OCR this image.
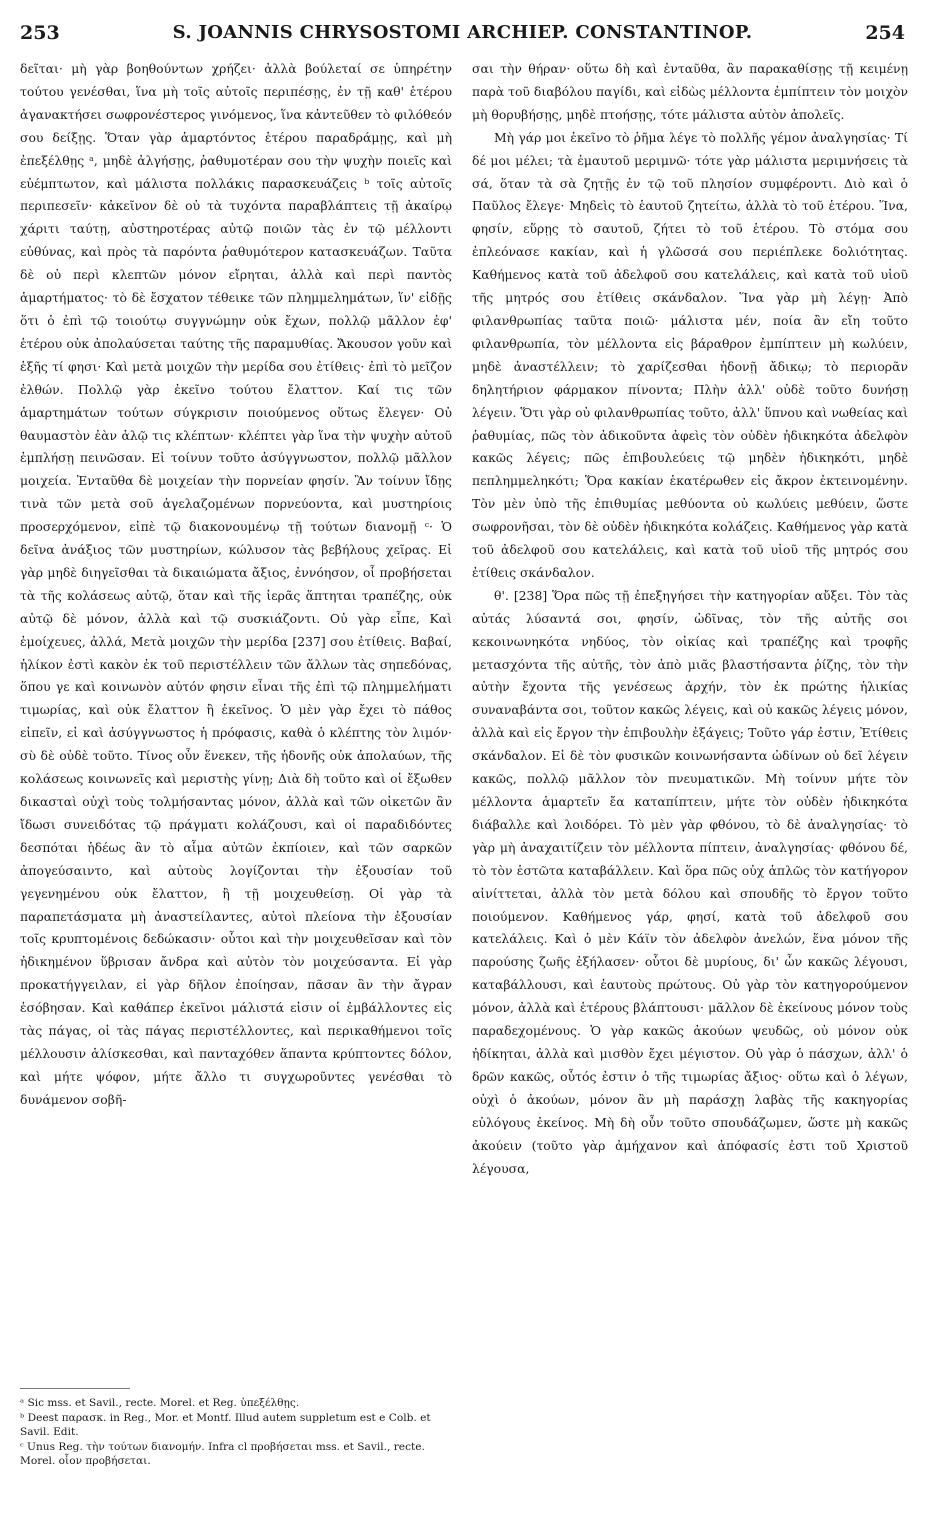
253	S. JOANNIS CHRYSOSTOMI ARCHIEP. CONSTANTINOP.	254

δεῖται· μὴ γὰρ βοηθούντων χρήζει· ἀλλὰ βούλεταί σε ὑπηρέτην τούτου γενέσθαι, ἵνα μὴ τοῖς αὐτοῖς περιπέσῃς, ἐν τῇ καθ' ἑτέρου ἀγανακτήσει σωφρονέστερος γινόμενος, ἵνα κἀντεῦθεν τὸ φιλόθεόν σου δείξῃς. Ὅταν γὰρ ἁμαρτόντος ἑτέρου παραδράμῃς, καὶ μὴ ἐπεξέλθῃς ᵃ, μηδὲ ἀλγήσῃς, ῥαθυμοτέραν σου τὴν ψυχὴν ποιεῖς καὶ εὐέμπτωτον, καὶ μάλιστα πολλάκις παρασκευάζεις ᵇ τοῖς αὐτοῖς περιπεσεῖν· κἀκεῖνον δὲ οὐ τὰ τυχόντα παραβλάπτεις τῇ ἀκαίρῳ χάριτι ταύτῃ, αὐστηροτέρας αὐτῷ ποιῶν τὰς ἐν τῷ μέλλοντι εὐθύνας, καὶ πρὸς τὰ παρόντα ῥαθυμότερον κατασκευάζων. Ταῦτα δὲ οὐ περὶ κλεπτῶν μόνον εἴρηται, ἀλλὰ καὶ περὶ παντὸς ἁμαρτήματος· τὸ δὲ ἔσχατον τέθεικε τῶν πλημμελημάτων, ἵν' εἰδῇς ὅτι ὁ ἐπὶ τῷ τοιούτῳ συγγνώμην οὐκ ἔχων, πολλῷ μᾶλλον ἐφ' ἑτέρου οὐκ ἀπολαύσεται ταύτης τῆς παραμυθίας. Ἄκουσον γοῦν καὶ ἑξῆς τί φησι· Καὶ μετὰ μοιχῶν τὴν μερίδα σου ἐτίθεις· ἐπὶ τὸ μεῖζον ἐλθών. Πολλῷ γὰρ ἐκεῖνο τούτου ἔλαττον. Καί τις τῶν ἁμαρτημάτων τούτων σύγκρισιν ποιούμενος οὕτως ἔλεγεν· Οὐ θαυμαστὸν ἐὰν ἁλῷ τις κλέπτων· κλέπτει γὰρ ἵνα τὴν ψυχὴν αὐτοῦ ἐμπλήσῃ πεινῶσαν. Εἰ τοίνυν τοῦτο ἀσύγγνωστον, πολλῷ μᾶλλον μοιχεία. Ἐνταῦθα δὲ μοιχείαν τὴν πορνείαν φησίν. Ἂν τοίνυν ἴδῃς τινὰ τῶν μετὰ σοῦ ἀγελαζομένων πορνεύοντα, καὶ μυστηρίοις προσερχόμενον, εἰπὲ τῷ διακονουμένῳ τῇ τούτων διανομῇ ᶜ· Ὁ δεῖνα ἀνάξιος τῶν μυστηρίων, κώλυσον τὰς βεβήλους χεῖρας. Εἰ γὰρ μηδὲ διηγεῖσθαι τὰ δικαιώματα ἄξιος, ἐννόησον, οἷ προβήσεται τὰ τῆς κολάσεως αὐτῷ, ὅταν καὶ τῆς ἱερᾶς ἅπτηται τραπέζης, οὐκ αὐτῷ δὲ μόνον, ἀλλὰ καὶ τῷ συσκιάζοντι. Οὐ γὰρ εἶπε, Καὶ ἐμοίχευες, ἀλλά, Μετὰ μοιχῶν τὴν μερίδα [237] σου ἐτίθεις. Βαβαί, ἡλίκον ἐστὶ κακὸν ἐκ τοῦ περιστέλλειν τῶν ἄλλων τὰς σηπεδόνας, ὅπου γε καὶ κοινωνὸν αὐτόν φησιν εἶναι τῆς ἐπὶ τῷ πλημμελήματι τιμωρίας, καὶ οὐκ ἔλαττον ἢ ἐκεῖνος. Ὁ μὲν γὰρ ἔχει τὸ πάθος εἰπεῖν, εἰ καὶ ἀσύγγνωστος ἡ πρόφασις, καθὰ ὁ κλέπτης τὸν λιμόν· σὺ δὲ οὐδὲ τοῦτο. Τίνος οὖν ἕνεκεν, τῆς ἡδονῆς οὐκ ἀπολαύων, τῆς κολάσεως κοινωνεῖς καὶ μεριστὴς γίνῃ; Διὰ δὴ τοῦτο καὶ οἱ ἔξωθεν δικασταὶ οὐχὶ τοὺς τολμήσαντας μόνον, ἀλλὰ καὶ τῶν οἰκετῶν ἂν ἴδωσι συνειδότας τῷ πράγματι κολάζουσι, καὶ οἱ παραδιδόντες δεσπόται ἡδέως ἂν τὸ αἷμα αὐτῶν ἐκπίοιεν, καὶ τῶν σαρκῶν ἀπογεύσαιντο, καὶ αὐτοὺς λογίζονται τὴν ἐξουσίαν τοῦ γεγενημένου οὐκ ἔλαττον, ἢ τῇ μοιχευθείσῃ. Οἱ γὰρ τὰ παραπετάσματα μὴ ἀναστείλαντες, αὐτοὶ πλείονα τὴν ἐξουσίαν τοῖς κρυπτομένοις δεδώκασιν· οὗτοι καὶ τὴν μοιχευθεῖσαν καὶ τὸν ἠδικημένον ὕβρισαν ἄνδρα καὶ αὐτὸν τὸν μοιχεύσαντα. Εἰ γὰρ προκατήγγειλαν, εἰ γὰρ δῆλον ἐποίησαν, πᾶσαν ἂν τὴν ἄγραν ἐσόβησαν. Καὶ καθάπερ ἐκεῖνοι μάλιστά εἰσιν οἱ ἐμβάλλοντες εἰς τὰς πάγας, οἱ τὰς πάγας περιστέλλοντες, καὶ περικαθήμενοι τοῖς μέλλουσιν ἁλίσκεσθαι, καὶ πανταχόθεν ἅπαντα κρύπτοντες δόλον, καὶ μήτε ψόφον, μήτε ἄλλο τι συγχωροῦντες γενέσθαι τὸ δυνάμενον σοβῆ-

σαι τὴν θήραν· οὕτω δὴ καὶ ἐνταῦθα, ἂν παρακαθίσῃς τῇ κειμένῃ παρὰ τοῦ διαβόλου παγίδι, καὶ εἰδὼς μέλλοντα ἐμπίπτειν τὸν μοιχὸν μὴ θορυβήσῃς, μηδὲ πτοήσῃς, τότε μάλιστα αὐτὸν ἀπολεῖς.

Μὴ γάρ μοι ἐκεῖνο τὸ ῥῆμα λέγε τὸ πολλῆς γέμον ἀναλγησίας· Τί δέ μοι μέλει; τὰ ἐμαυτοῦ μεριμνῶ· τότε γὰρ μάλιστα μεριμνήσεις τὰ σά, ὅταν τὰ σὰ ζητῇς ἐν τῷ τοῦ πλησίον συμφέροντι. Διὸ καὶ ὁ Παῦλος ἔλεγε· Μηδεὶς τὸ ἑαυτοῦ ζητείτω, ἀλλὰ τὸ τοῦ ἑτέρου. Ἵνα, φησίν, εὕρῃς τὸ σαυτοῦ, ζήτει τὸ τοῦ ἑτέρου. Τὸ στόμα σου ἐπλεόνασε κακίαν, καὶ ἡ γλῶσσά σου περιέπλεκε δολιότητας. Καθήμενος κατὰ τοῦ ἀδελφοῦ σου κατελάλεις, καὶ κατὰ τοῦ υἱοῦ τῆς μητρός σου ἐτίθεις σκάνδαλον. Ἵνα γὰρ μὴ λέγῃ· Ἀπὸ φιλανθρωπίας ταῦτα ποιῶ· μάλιστα μέν, ποία ἂν εἴη τοῦτο φιλανθρωπία, τὸν μέλλοντα εἰς βάραθρον ἐμπίπτειν μὴ κωλύειν, μηδὲ ἀναστέλλειν; τὸ χαρίζεσθαι ἡδονῇ ἄδικῳ; τὸ περιορᾶν δηλητήριον φάρμακον πίνοντα; Πλὴν ἀλλ' οὐδὲ τοῦτο δυνήσῃ λέγειν. Ὅτι γὰρ οὐ φιλανθρωπίας τοῦτο, ἀλλ' ὕπνου καὶ νωθείας καὶ ῥαθυμίας, πῶς τὸν ἀδικοῦντα ἀφεὶς τὸν οὐδὲν ἠδικηκότα ἀδελφὸν κακῶς λέγεις; πῶς ἐπιβουλεύεις τῷ μηδὲν ἠδικηκότι, μηδὲ πεπλημμεληκότι; Ὅρα κακίαν ἑκατέρωθεν εἰς ἄκρον ἐκτεινομένην. Τὸν μὲν ὑπὸ τῆς ἐπιθυμίας μεθύοντα οὐ κωλύεις μεθύειν, ὥστε σωφρονῆσαι, τὸν δὲ οὐδὲν ἠδικηκότα κολάζεις. Καθήμενος γὰρ κατὰ τοῦ ἀδελφοῦ σου κατελάλεις, καὶ κατὰ τοῦ υἱοῦ τῆς μητρός σου ἐτίθεις σκάνδαλον.

θ'. [238] Ὅρα πῶς τῇ ἐπεξηγήσει τὴν κατηγορίαν αὔξει. Τὸν τὰς αὐτάς λύσαντά σοι, φησίν, ὠδῖνας, τὸν τῆς αὐτῆς σοι κεκοινωνηκότα νηδύος, τὸν οἰκίας καὶ τραπέζης καὶ τροφῆς μετασχόντα τῆς αὐτῆς, τὸν ἀπὸ μιᾶς βλαστήσαντα ῥίζης, τὸν τὴν αὐτὴν ἔχοντα τῆς γενέσεως ἀρχήν, τὸν ἐκ πρώτης ἡλικίας συναναβάντα σοι, τοῦτον κακῶς λέγεις, καὶ οὐ κακῶς λέγεις μόνον, ἀλλὰ καὶ εἰς ἔργον τὴν ἐπιβουλὴν ἐξάγεις; Τοῦτο γάρ ἐστιν, Ἐτίθεις σκάνδαλον. Εἰ δὲ τὸν φυσικῶν κοινωνήσαντα ὠδίνων οὐ δεῖ λέγειν κακῶς, πολλῷ μᾶλλον τὸν πνευματικῶν. Μὴ τοίνυν μήτε τὸν μέλλοντα ἁμαρτεῖν ἔα καταπίπτειν, μήτε τὸν οὐδὲν ἠδικηκότα διάβαλλε καὶ λοιδόρει. Τὸ μὲν γὰρ φθόνου, τὸ δὲ ἀναλγησίας· τὸ γὰρ μὴ ἀναχαιτίζειν τὸν μέλλοντα πίπτειν, ἀναλγησίας· φθόνου δέ, τὸ τὸν ἑστῶτα καταβάλλειν. Καὶ ὅρα πῶς οὐχ ἁπλῶς τὸν κατήγορον αἰνίττεται, ἀλλὰ τὸν μετὰ δόλου καὶ σπουδῆς τὸ ἔργον τοῦτο ποιούμενον. Καθήμενος γάρ, φησί, κατὰ τοῦ ἀδελφοῦ σου κατελάλεις. Καὶ ὁ μὲν Κάϊν τὸν ἀδελφὸν ἀνελών, ἕνα μόνον τῆς παρούσης ζωῆς ἐξήλασεν· οὗτοι δὲ μυρίους, δι' ὧν κακῶς λέγουσι, καταβάλλουσι, καὶ ἑαυτοὺς πρώτους. Οὐ γὰρ τὸν κατηγορούμενον μόνον, ἀλλὰ καὶ ἑτέρους βλάπτουσι· μᾶλλον δὲ ἐκείνους μόνον τοὺς παραδεχομένους. Ὁ γὰρ κακῶς ἀκούων ψευδῶς, οὐ μόνον οὐκ ἠδίκηται, ἀλλὰ καὶ μισθὸν ἔχει μέγιστον. Οὐ γὰρ ὁ πάσχων, ἀλλ' ὁ δρῶν κακῶς, οὗτός ἐστιν ὁ τῆς τιμωρίας ἄξιος· οὕτω καὶ ὁ λέγων, οὐχὶ ὁ ἀκούων, μόνον ἂν μὴ παράσχῃ λαβὰς τῆς κακηγορίας εὐλόγους ἐκείνος. Μὴ δὴ οὖν τοῦτο σπουδάζωμεν, ὥστε μὴ κακῶς ἀκούειν (τοῦτο γὰρ ἀμήχανον καὶ ἀπόφασίς ἐστι τοῦ Χριστοῦ λέγουσα,

ᵃ Sic mss. et Savil., recte. Morel. et Reg. ὑπεξέλθῃς.

ᵇ Deest παρασκ. in Reg., Mor. et Montf. Illud autem suppletum est e Colb. et Savil. Edit.

ᶜ Unus Reg. τὴν τούτων διανομήν. Infra cl προβήσεται mss. et Savil., recte. Morel. οἷον προβήσεται.
